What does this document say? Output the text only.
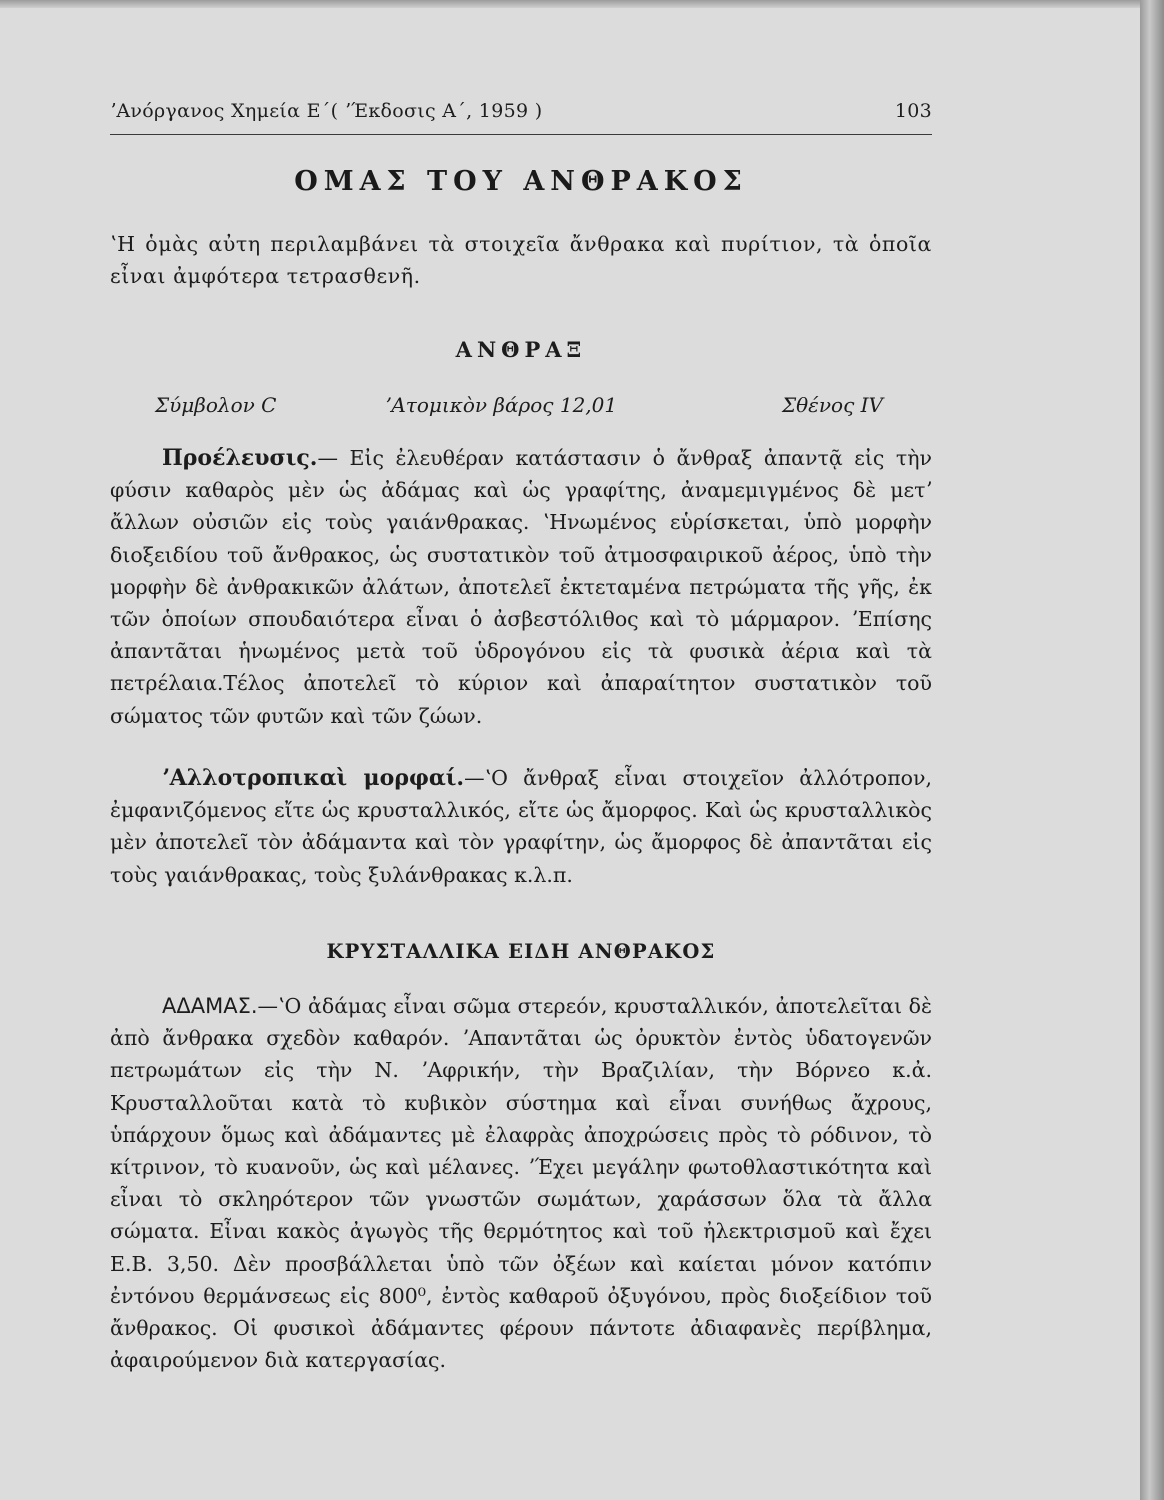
ʼΑνόργανος Χημεία Ε΄( ʼΈκδοσις Α΄, 1959 )	103
ΟΜΑΣ ΤΟΥ ΑΝΘΡΑΚΟΣ

ʽΗ ὁμὰς αὐτη περιλαμβάνει τὰ στοιχεῖα ἄνθρακα καὶ πυρίτιον, τὰ ὁποῖα εἶναι ἀμφότερα τετρασθενῆ.

ΑΝΘΡΑΞ
Σύμβολον C	ʼΑτομικὸν βάρος 12,01	Σθένος IV

Προέλευσις.— Εἰς ἐλευθέραν κατάστασιν ὁ ἄνθραξ ἀπαντᾷ εἰς τὴν φύσιν καθαρὸς μὲν ὡς ἀδάμας καὶ ὡς γραφίτης, ἀναμεμιγμένος δὲ μετʼ ἄλλων οὐσιῶν εἰς τοὺς γαιάνθρακας. ʽΗνωμένος εὑρίσκεται, ὑπὸ μορφὴν διοξειδίου τοῦ ἄνθρακος, ὡς συστατικὸν τοῦ ἀτμοσφαιρικοῦ ἀέρος, ὑπὸ τὴν μορφὴν δὲ ἀνθρακικῶν ἀλάτων, ἀποτελεῖ ἐκτεταμένα πετρώματα τῆς γῆς, ἐκ τῶν ὁποίων σπουδαιότερα εἶναι ὁ ἀσβεστόλιθος καὶ τὸ μάρμαρον. ʼΕπίσης ἀπαντᾶται ἡνωμένος μετὰ τοῦ ὑδρογόνου εἰς τὰ φυσικὰ ἀέρια καὶ τὰ πετρέλαια.Τέλος ἀποτελεῖ τὸ κύριον καὶ ἀπαραίτητον συστατικὸν τοῦ σώματος τῶν φυτῶν καὶ τῶν ζώων.

ʼΑλλοτροπικαὶ μορφαί.—ʽΟ ἄνθραξ εἶναι στοιχεῖον ἀλλότροπον, ἐμφανιζόμενος εἴτε ὡς κρυσταλλικός, εἴτε ὡς ἄμορφος. Καὶ ὡς κρυσταλλικὸς μὲν ἀποτελεῖ τὸν ἀδάμαντα καὶ τὸν γραφίτην, ὡς ἄμορφος δὲ ἀπαντᾶται εἰς τοὺς γαιάνθρακας, τοὺς ξυλάνθρακας κ.λ.π.

ΚΡΥΣΤΑΛΛΙΚΑ ΕΙΔΗ ΑΝΘΡΑΚΟΣ

ΑΔΑΜΑΣ.—ʽΟ ἀδάμας εἶναι σῶμα στερεόν, κρυσταλλικόν, ἀποτελεῖται δὲ ἀπὸ ἄνθρακα σχεδὸν καθαρόν. ʼΑπαντᾶται ὡς ὀρυκτὸν ἐντὸς ὑδατογενῶν πετρωμάτων εἰς τὴν Ν. ʼΑφρικήν, τὴν Βραζιλίαν, τὴν Βόρνεο κ.ἀ. Κρυσταλλοῦται κατὰ τὸ κυβικὸν σύστημα καὶ εἶναι συνήθως ἄχρους, ὑπάρχουν ὅμως καὶ ἀδάμαντες μὲ ἐλαφρὰς ἀποχρώσεις πρὸς τὸ ρόδινον, τὸ κίτρινον, τὸ κυανοῦν, ὡς καὶ μέλανες. ʼΈχει μεγάλην φωτοθλαστικότητα καὶ εἶναι τὸ σκληρότερον τῶν γνωστῶν σωμάτων, χαράσσων ὅλα τὰ ἄλλα σώματα. Εἶναι κακὸς ἀγωγὸς τῆς θερμότητος καὶ τοῦ ἠλεκτρισμοῦ καὶ ἔχει Ε.Β. 3,50. Δὲν προσβάλλεται ὑπὸ τῶν ὀξέων καὶ καίεται μόνον κατόπιν ἐντόνου θερμάνσεως εἰς 800⁰, ἐντὸς καθαροῦ ὀξυγόνου, πρὸς διοξείδιον τοῦ ἄνθρακος. Οἱ φυσικοὶ ἀδάμαντες φέρουν πάντοτε ἀδιαφανὲς περίβλημα, ἀφαιρούμενον διὰ κατεργασίας.
